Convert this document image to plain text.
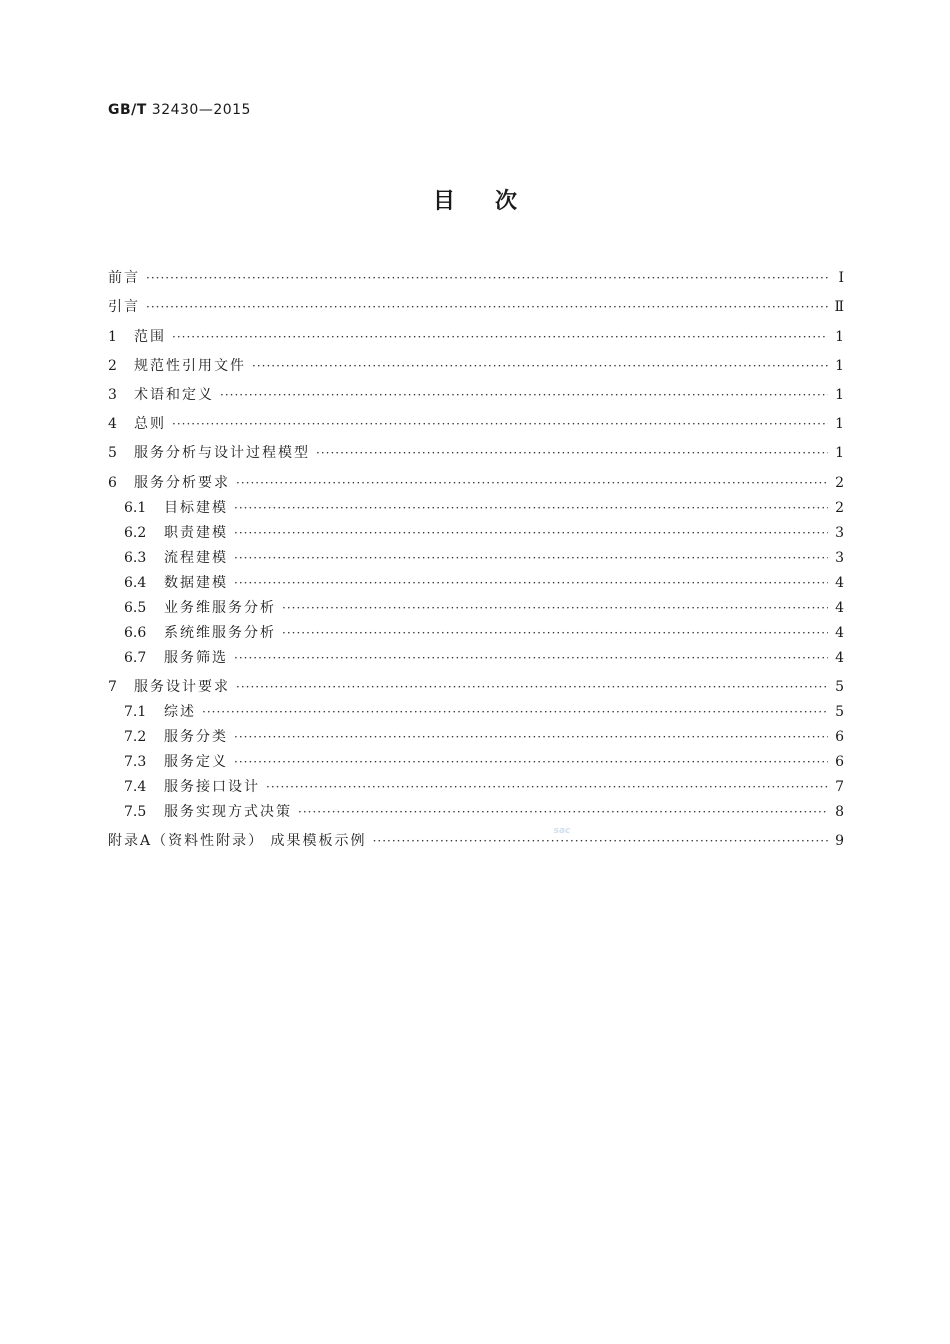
GB/T 32430—2015
目次
前言 ·····	Ⅰ
引言 ·····	Ⅱ
1	范围 ·····	1
2	规范性引用文件 ·····	1
3	术语和定义 ·····	1
4	总则 ·····	1
5	服务分析与设计过程模型 ·····	1
6	服务分析要求 ·····	2
6.1	目标建模 ·····	2
6.2	职责建模 ·····	3
6.3	流程建模 ·····	3
6.4	数据建模 ·····	4
6.5	业务维服务分析 ·····	4
6.6	系统维服务分析 ·····	4
6.7	服务筛选 ·····	4
7	服务设计要求 ·····	5
7.1	综述 ·····	5
7.2	服务分类 ·····	6
7.3	服务定义 ·····	6
7.4	服务接口设计 ·····	7
7.5	服务实现方式决策 ·····	8
附录A（资料性附录） 成果模板示例 ·····	9
sac
